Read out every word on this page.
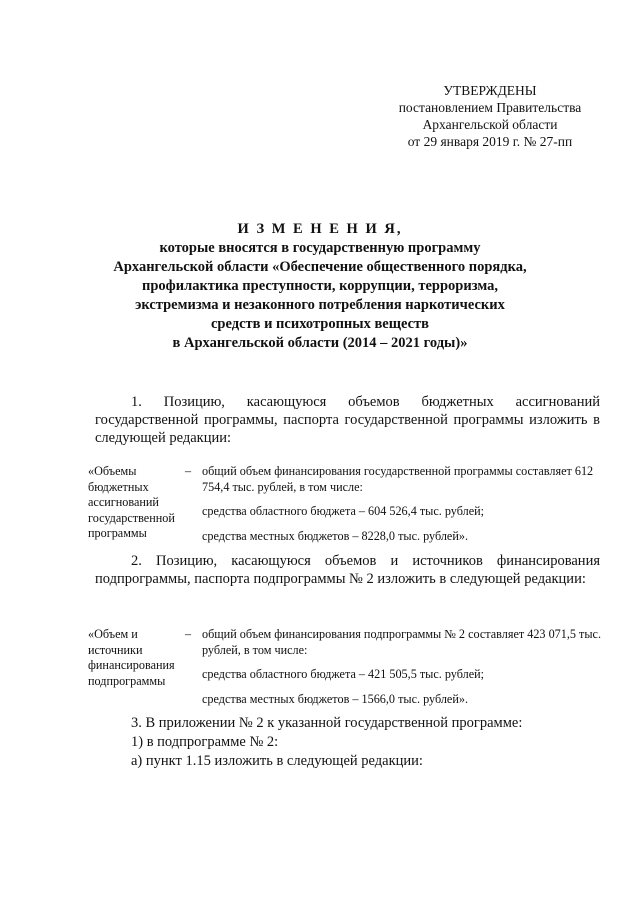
УТВЕРЖДЕНЫ
постановлением Правительства
Архангельской области
от 29 января 2019 г. № 27-пп
И З М Е Н Е Н И Я,
которые вносятся в государственную программу
Архангельской области «Обеспечение общественного порядка,
профилактика преступности, коррупции, терроризма,
экстремизма и незаконного потребления наркотических
средств и психотропных веществ
в Архангельской области (2014 – 2021 годы)»
1. Позицию, касающуюся объемов бюджетных ассигнований государственной программы, паспорта государственной программы изложить в следующей редакции:
«Объемы бюджетных ассигнований государственной программы
– общий объем финансирования государственной программы составляет 612 754,4 тыс. рублей, в том числе:
средства областного бюджета – 604 526,4 тыс. рублей;
средства местных бюджетов – 8228,0 тыс. рублей».
2. Позицию, касающуюся объемов и источников финансирования подпрограммы, паспорта подпрограммы № 2 изложить в следующей редакции:
«Объем и источники финансирования подпрограммы
– общий объем финансирования подпрограммы № 2 составляет 423 071,5 тыс. рублей, в том числе:
средства областного бюджета – 421 505,5 тыс. рублей;
средства местных бюджетов – 1566,0 тыс. рублей».
3. В приложении № 2 к указанной государственной программе:
1) в подпрограмме № 2:
а) пункт 1.15 изложить в следующей редакции:
